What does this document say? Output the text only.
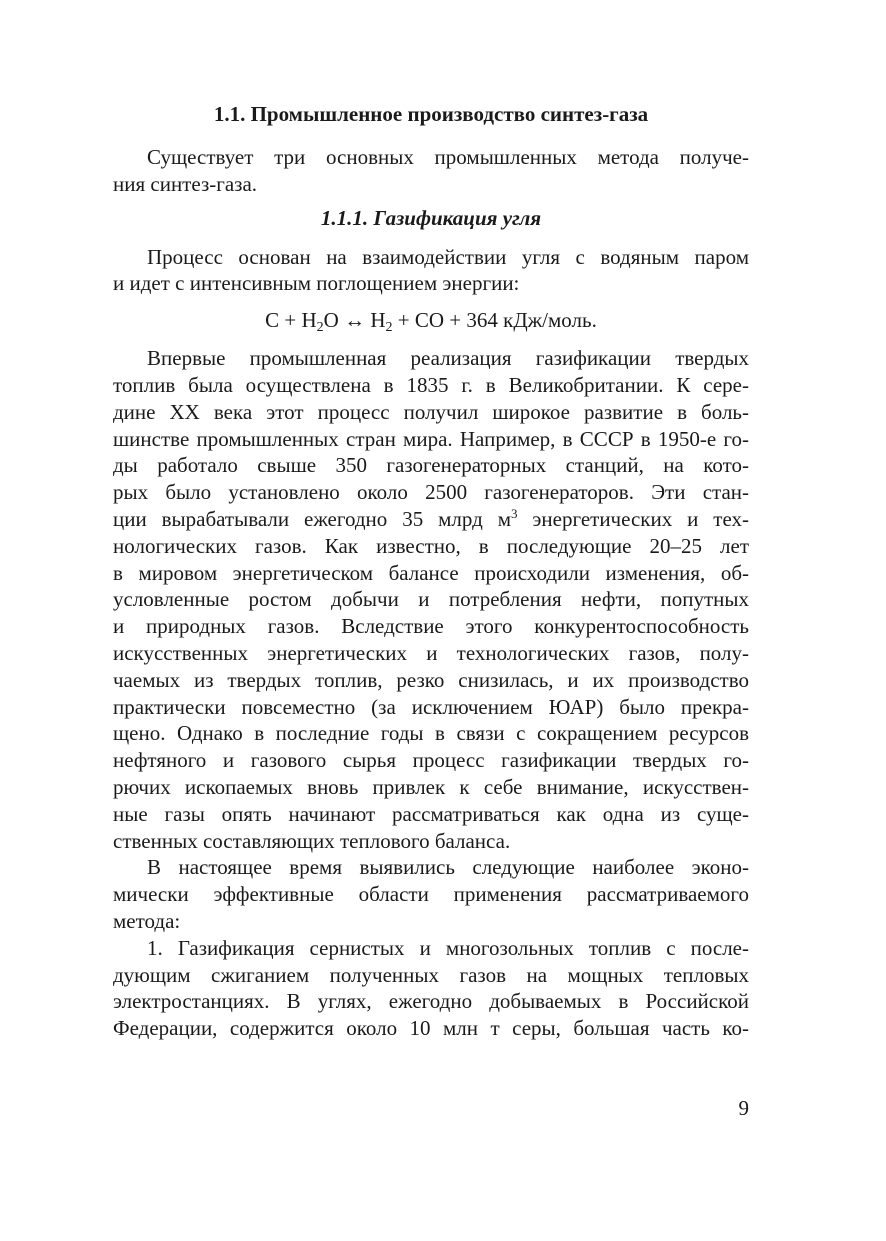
1.1. Промышленное производство синтез-газа
Существует три основных промышленных метода получе-
ния синтез-газа.
1.1.1. Газификация угля
Процесс основан на взаимодействии угля с водяным паром
и идет с интенсивным поглощением энергии:
$C + H_2O$ ↔ $H_2$ + CO + 364 кДж/моль.
Впервые промышленная реализация газификации твердых
топлив была осуществлена в 1835 г. в Великобритании. К сере-
дине XX века этот процесс получил широкое развитие в боль-
шинстве промышленных стран мира. Например, в СССР в 1950-е го-
ды работало свыше 350 газогенераторных станций, на кото-
рых было установлено около 2500 газогенераторов. Эти стан-
ции вырабатывали ежегодно 35 млрд $м^3$ энергетических и тех-
нологических газов. Как известно, в последующие 20–25 лет
в мировом энергетическом балансе происходили изменения, об-
условленные ростом добычи и потребления нефти, попутных
и природных газов. Вследствие этого конкурентоспособность
искусственных энергетических и технологических газов, полу-
чаемых из твердых топлив, резко снизилась, и их производство
практически повсеместно (за исключением ЮАР) было прекра-
щено. Однако в последние годы в связи с сокращением ресурсов
нефтяного и газового сырья процесс газификации твердых го-
рючих ископаемых вновь привлек к себе внимание, искусствен-
ные газы опять начинают рассматриваться как одна из суще-
ственных составляющих теплового баланса.
В настоящее время выявились следующие наиболее эконо-
мически эффективные области применения рассматриваемого
метода:
1. Газификация сернистых и многозольных топлив с после-
дующим сжиганием полученных газов на мощных тепловых
электростанциях. В углях, ежегодно добываемых в Российской
Федерации, содержится около 10 млн т серы, большая часть ко-
9
